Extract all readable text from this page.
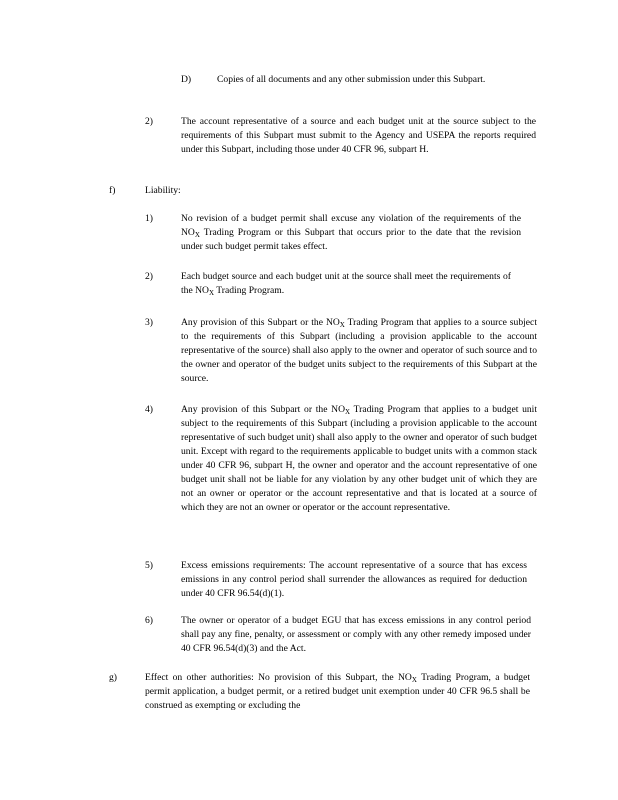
D)	Copies of all documents and any other submission under this Subpart.
2)	The account representative of a source and each budget unit at the source subject to the requirements of this Subpart must submit to the Agency and USEPA the reports required under this Subpart, including those under 40 CFR 96, subpart H.
f)	Liability:
1)	No revision of a budget permit shall excuse any violation of the requirements of the $NO_X$ Trading Program or this Subpart that occurs prior to the date that the revision under such budget permit takes effect.
2)	Each budget source and each budget unit at the source shall meet the requirements of the $NO_X$ Trading Program.
3)	Any provision of this Subpart or the $NO_X$ Trading Program that applies to a source subject to the requirements of this Subpart (including a provision applicable to the account representative of the source) shall also apply to the owner and operator of such source and to the owner and operator of the budget units subject to the requirements of this Subpart at the source.
4)	Any provision of this Subpart or the $NO_X$ Trading Program that applies to a budget unit subject to the requirements of this Subpart (including a provision applicable to the account representative of such budget unit) shall also apply to the owner and operator of such budget unit. Except with regard to the requirements applicable to budget units with a common stack under 40 CFR 96, subpart H, the owner and operator and the account representative of one budget unit shall not be liable for any violation by any other budget unit of which they are not an owner or operator or the account representative and that is located at a source of which they are not an owner or operator or the account representative.
5)	Excess emissions requirements: The account representative of a source that has excess emissions in any control period shall surrender the allowances as required for deduction under 40 CFR 96.54(d)(1).
6)	The owner or operator of a budget EGU that has excess emissions in any control period shall pay any fine, penalty, or assessment or comply with any other remedy imposed under 40 CFR 96.54(d)(3) and the Act.
g)	Effect on other authorities: No provision of this Subpart, the $NO_X$ Trading Program, a budget permit application, a budget permit, or a retired budget unit exemption under 40 CFR 96.5 shall be construed as exempting or excluding the
